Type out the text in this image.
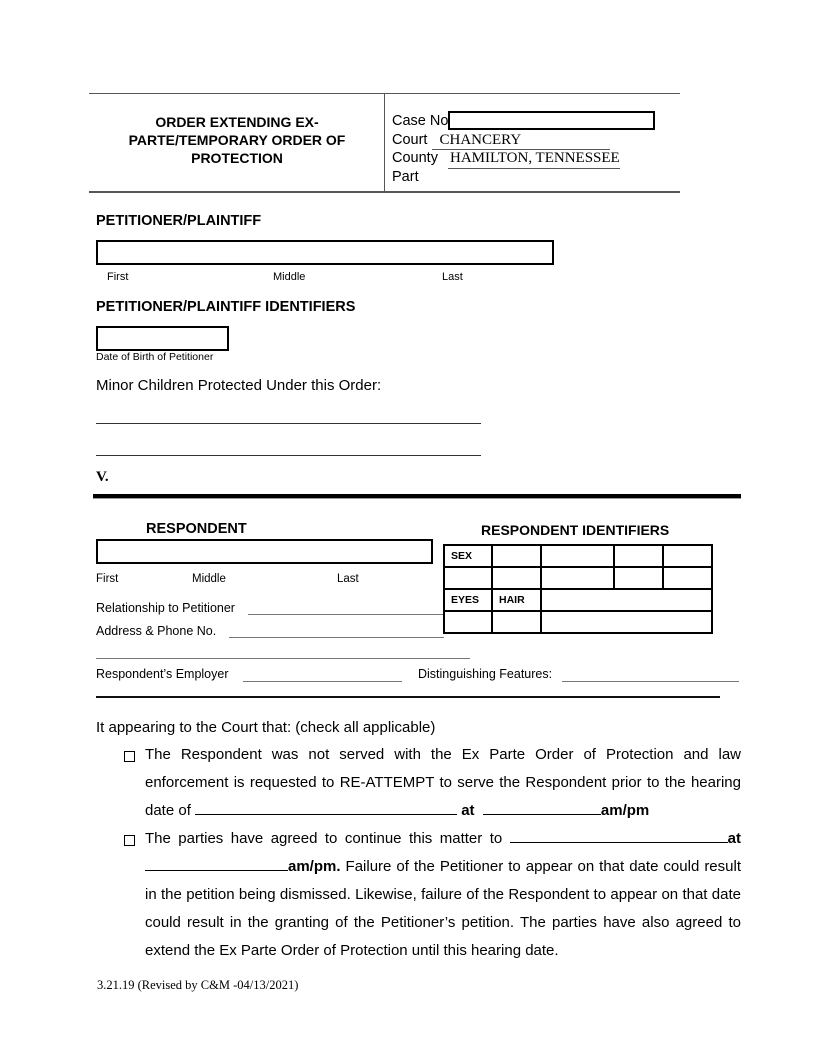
ORDER EXTENDING EX-
PARTE/TEMPORARY ORDER OF
PROTECTION
Case No
Court CHANCERY
County HAMILTON, TENNESSEE
Part
PETITIONER/PLAINTIFF
First	Middle	Last
PETITIONER/PLAINTIFF IDENTIFIERS
Date of Birth of Petitioner
Minor Children Protected Under this Order:
V.
RESPONDENT
First	Middle	Last
Relationship to Petitioner
Address & Phone No.
Respondent’s Employer	Distinguishing Features:
RESPONDENT IDENTIFIERS
SEX				

EYES	HAIR			

It appearing to the Court that: (check all applicable)
The Respondent was not served with the Ex Parte Order of Protection and law enforcement is requested to RE-ATTEMPT to serve the Respondent prior to the hearing date of	at	am/pm
The parties have agreed to continue this matter to	at am/pm. Failure of the Petitioner to appear on that date could result in the petition being dismissed. Likewise, failure of the Respondent to appear on that date could result in the granting of the Petitioner’s petition. The parties have also agreed to extend the Ex Parte Order of Protection until this hearing date.
3.21.19 (Revised by C&M -04/13/2021)
